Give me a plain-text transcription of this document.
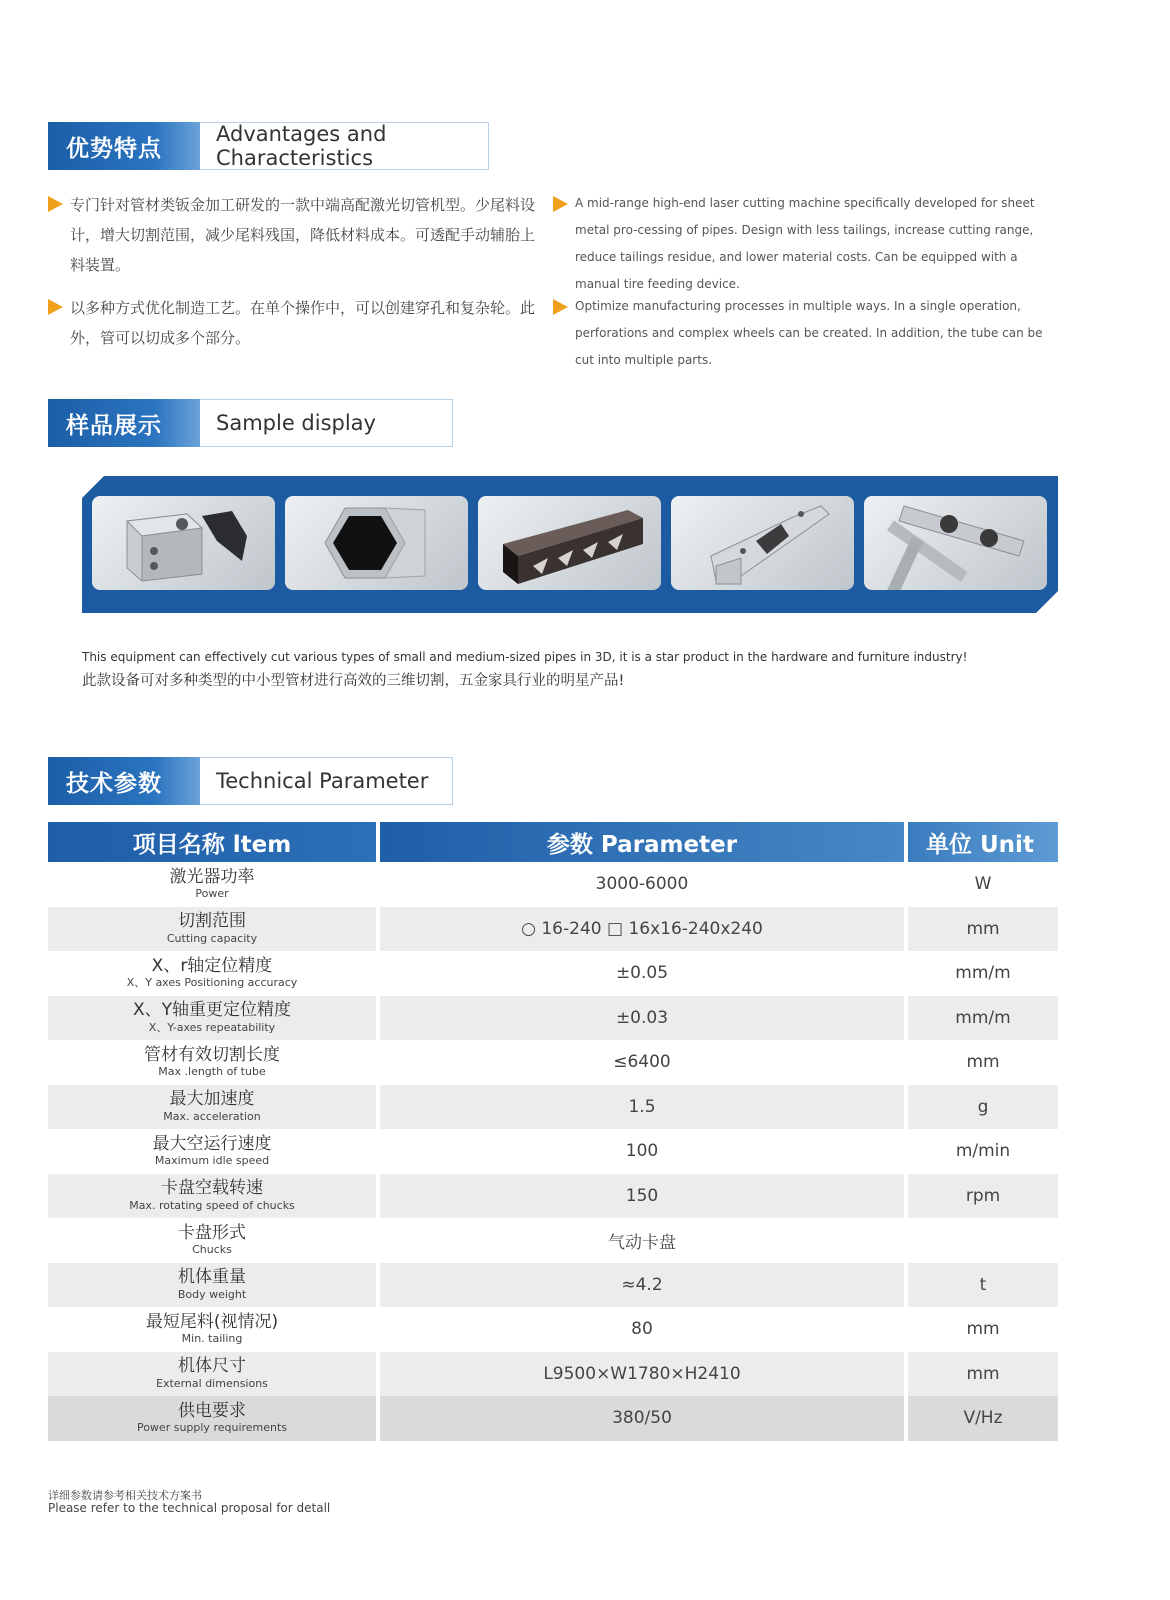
优势特点
Advantages and Characteristics
专门针对管材类钣金加工研发的一款中端高配激光切管机型。少尾料设计，增大切割范围，减少尾料残国，降低材料成本。可透配手动辅胎上料装置。
A mid-range high-end laser cutting machine specifically developed for sheet metal pro-cessing of pipes. Design with less tailings, increase cutting range, reduce tailings residue, and lower material costs. Can be equipped with a manual tire feeding device.
以多种方式优化制造工艺。在单个操作中，可以创建穿孔和复杂轮。此外，管可以切成多个部分。
Optimize manufacturing processes in multiple ways. In a single operation, perforations and complex wheels can be created. In addition, the tube can be cut into multiple parts.
样品展示	Sample display
This equipment can effectively cut various types of small and medium-sized pipes in 3D, it is a star product in the hardware and furniture industry!
此款设备可对多种类型的中小型管材进行高效的三维切割，五金家具行业的明星产品!
技术参数	Technical Parameter
项目名称 ltem	参数 Parameter	单位 Unit
激光器功率
Power	3000-6000	W
切割范围
Cutting capacity	○ 16-240 □ 16x16-240x240	mm
X、r轴定位精度
X、Y axes Positioning accuracy	±0.05	mm/m
X、Y轴重更定位精度
X、Y-axes repeatability	±0.03	mm/m
管材有效切割长度
Max .length of tube	≤6400	mm
最大加速度
Max. acceleration	1.5	g
最大空运行速度
Maximum idle speed	100	m/min
卡盘空载转速
Max. rotating speed of chucks	150	rpm
卡盘形式
Chucks	气动卡盘
机体重量
Body weight	≈4.2	t
最短尾料(视情况)
Min. tailing	80	mm
机体尺寸
External dimensions	L9500×W1780×H2410	mm
供电要求
Power supply requirements	380/50	V/Hz
详细参数请参考相关技术方案书
Please refer to the technical proposal for detall
